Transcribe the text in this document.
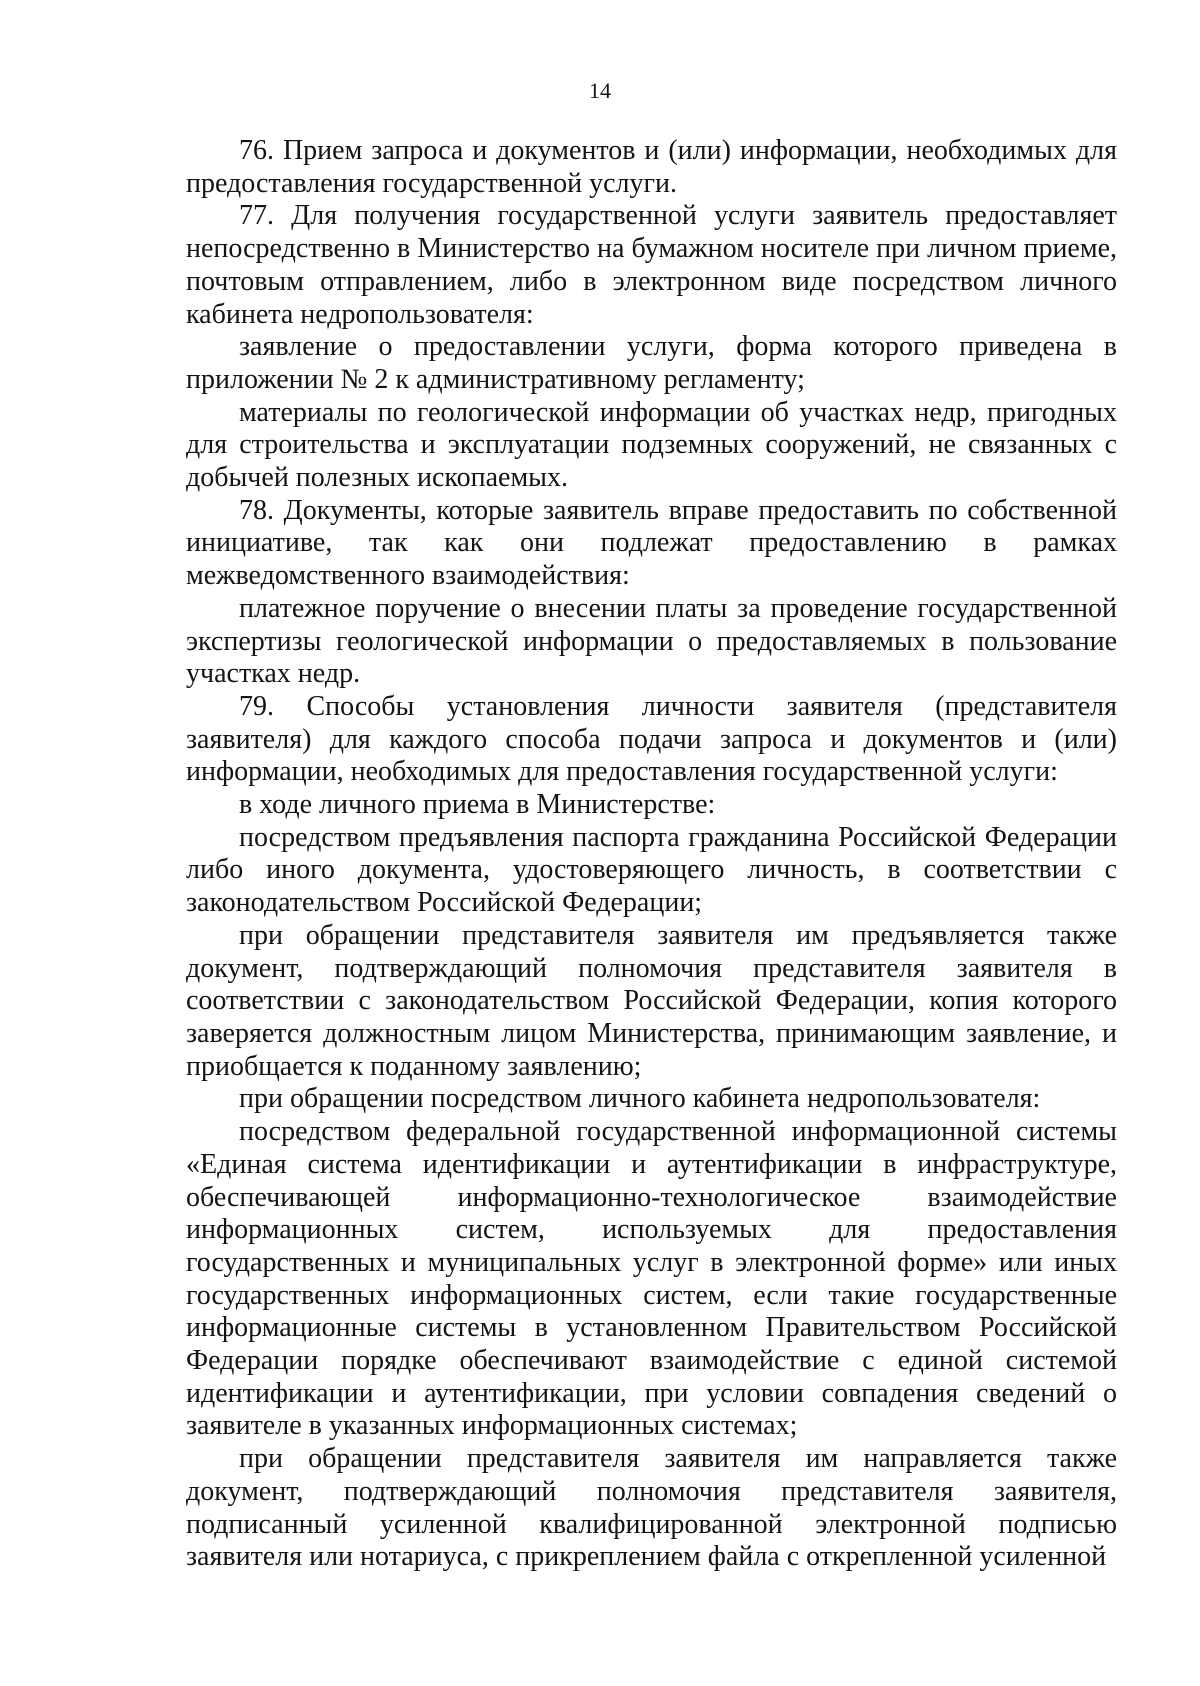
14

76. Прием запроса и документов и (или) информации, необходимых для предоставления государственной услуги.

77. Для получения государственной услуги заявитель предоставляет непосредственно в Министерство на бумажном носителе при личном приеме, почтовым отправлением, либо в электронном виде посредством личного кабинета недропользователя:

заявление о предоставлении услуги, форма которого приведена в приложении № 2 к административному регламенту;

материалы по геологической информации об участках недр, пригодных для строительства и эксплуатации подземных сооружений, не связанных с добычей полезных ископаемых.

78. Документы, которые заявитель вправе предоставить по собственной инициативе, так как они подлежат предоставлению в рамках межведомственного взаимодействия:

платежное поручение о внесении платы за проведение государственной экспертизы геологической информации о предоставляемых в пользование участках недр.

79. Способы установления личности заявителя (представителя заявителя) для каждого способа подачи запроса и документов и (или) информации, необходимых для предоставления государственной услуги:

в ходе личного приема в Министерстве:

посредством предъявления паспорта гражданина Российской Федерации либо иного документа, удостоверяющего личность, в соответствии с законодательством Российской Федерации;

при обращении представителя заявителя им предъявляется также документ, подтверждающий полномочия представителя заявителя в соответствии с законодательством Российской Федерации, копия которого заверяется должностным лицом Министерства, принимающим заявление, и приобщается к поданному заявлению;

при обращении посредством личного кабинета недропользователя:

посредством федеральной государственной информационной системы «Единая система идентификации и аутентификации в инфраструктуре, обеспечивающей информационно-технологическое взаимодействие информационных систем, используемых для предоставления государственных и муниципальных услуг в электронной форме» или иных государственных информационных систем, если такие государственные информационные системы в установленном Правительством Российской Федерации порядке обеспечивают взаимодействие с единой системой идентификации и аутентификации, при условии совпадения сведений о заявителе в указанных информационных системах;

при обращении представителя заявителя им направляется также документ, подтверждающий полномочия представителя заявителя, подписанный усиленной квалифицированной электронной подписью заявителя или нотариуса, с прикреплением файла с открепленной усиленной
